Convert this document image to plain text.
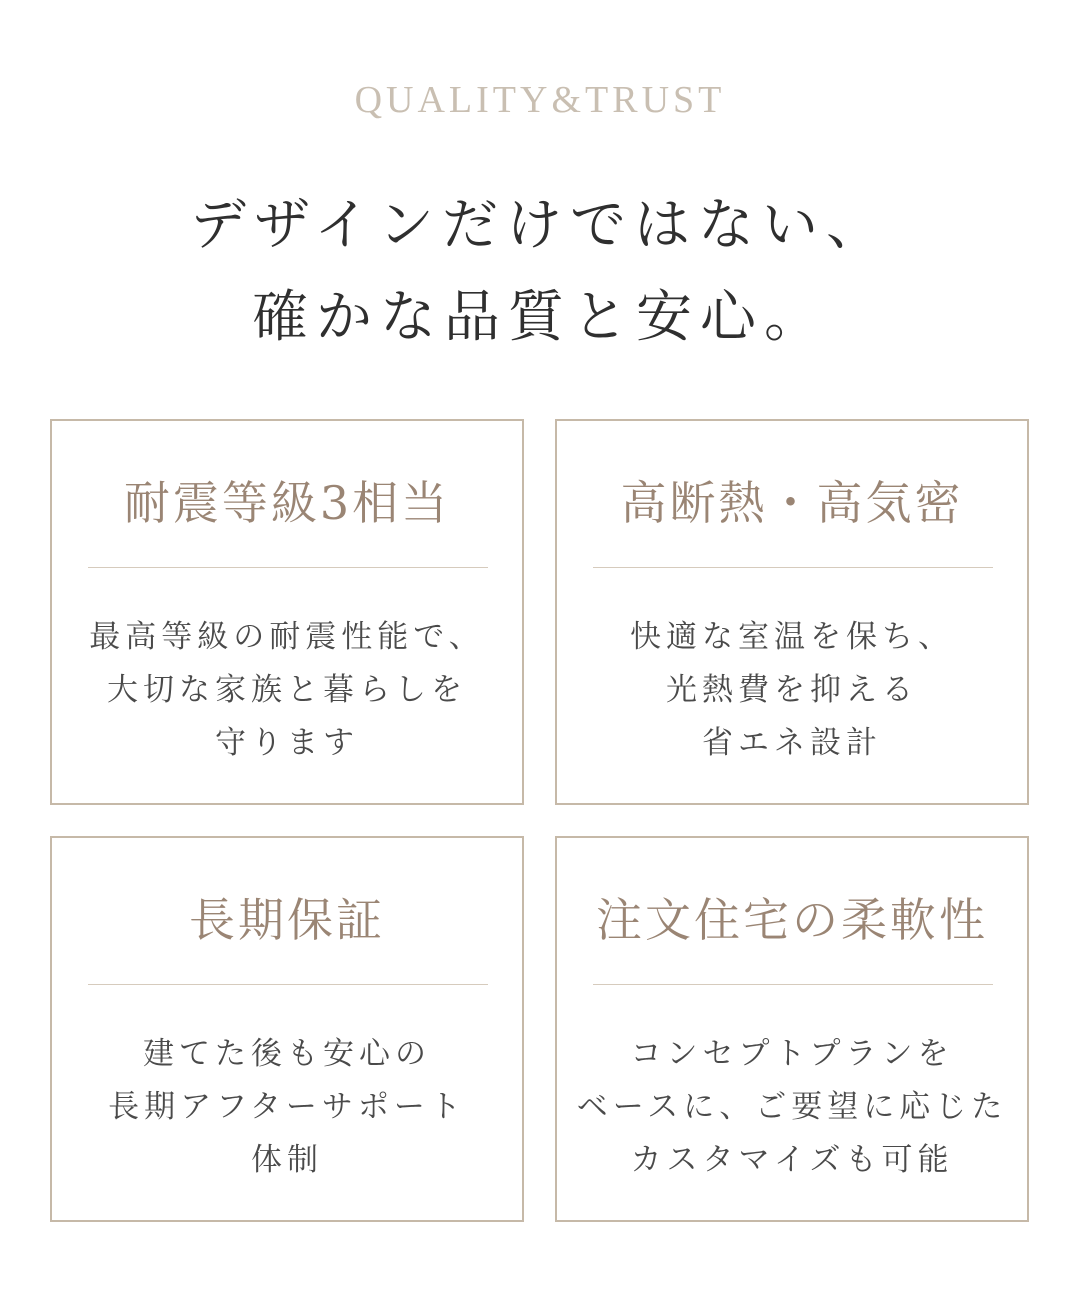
QUALITY&TRUST
デザインだけではない、
確かな品質と安心。
耐震等級3相当

最高等級の耐震性能で、
大切な家族と暮らしを
守ります

高断熱・高気密

快適な室温を保ち、
光熱費を抑える
省エネ設計

長期保証

建てた後も安心の
長期アフターサポート
体制

注文住宅の柔軟性

コンセプトプランを
ベースに、ご要望に応じた
カスタマイズも可能
